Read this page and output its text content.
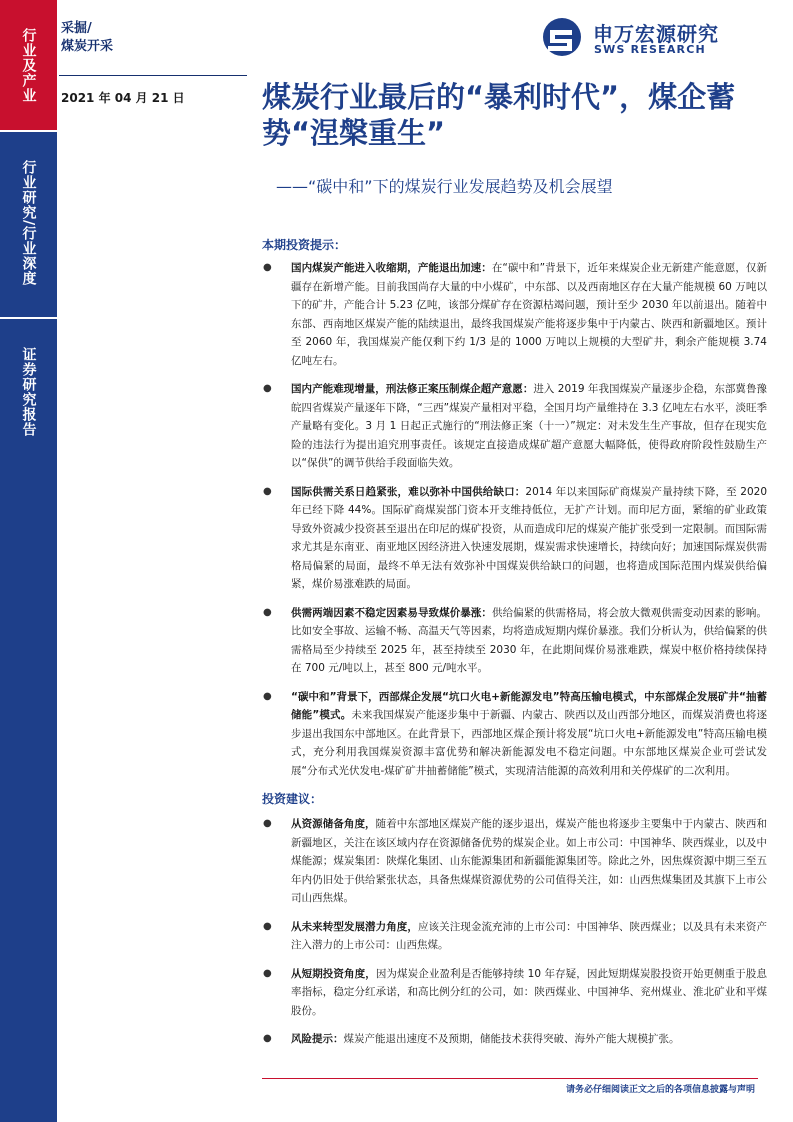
行业及产业
行业研究/行业深度
证券研究报告
采掘/
煤炭开采
2021 年 04 月 21 日
申万宏源研究
SWS RESEARCH
煤炭行业最后的“暴利时代”，煤企蓄势“涅槃重生”
——“碳中和”下的煤炭行业发展趋势及机会展望
本期投资提示：
● 国内煤炭产能进入收缩期，产能退出加速：在“碳中和”背景下，近年来煤炭企业无新建产能意愿，仅新疆存在新增产能。目前我国尚存大量的中小煤矿，中东部、以及西南地区存在大量产能规模 60 万吨以下的矿井，产能合计 5.23 亿吨，该部分煤矿存在资源枯竭问题，预计至少 2030 年以前退出。随着中东部、西南地区煤炭产能的陆续退出，最终我国煤炭产能将逐步集中于内蒙古、陕西和新疆地区。预计至 2060 年，我国煤炭产能仅剩下约 1/3 是的 1000 万吨以上规模的大型矿井，剩余产能规模 3.74 亿吨左右。
● 国内产能难现增量，刑法修正案压制煤企超产意愿：进入 2019 年我国煤炭产量逐步企稳，东部冀鲁豫皖四省煤炭产量逐年下降，“三西”煤炭产量相对平稳，全国月均产量维持在 3.3 亿吨左右水平，淡旺季产量略有变化。3 月 1 日起正式施行的“刑法修正案（十一）”规定：对未发生生产事故，但存在现实危险的违法行为提出追究刑事责任。该规定直接造成煤矿超产意愿大幅降低，使得政府阶段性鼓励生产以“保供”的调节供给手段面临失效。
● 国际供需关系日趋紧张，难以弥补中国供给缺口：2014 年以来国际矿商煤炭产量持续下降，至 2020 年已经下降 44%。国际矿商煤炭部门资本开支维持低位，无扩产计划。而印尼方面，紧缩的矿业政策导致外资减少投资甚至退出在印尼的煤矿投资，从而造成印尼的煤炭产能扩张受到一定限制。而国际需求尤其是东南亚、南亚地区因经济进入快速发展期，煤炭需求快速增长，持续向好；加速国际煤炭供需格局偏紧的局面，最终不单无法有效弥补中国煤炭供给缺口的问题，也将造成国际范围内煤炭供给偏紧，煤价易涨难跌的局面。
● 供需两端因素不稳定因素易导致煤价暴涨：供给偏紧的供需格局，将会放大微观供需变动因素的影响。比如安全事故、运输不畅、高温天气等因素，均将造成短期内煤价暴涨。我们分析认为，供给偏紧的供需格局至少持续至 2025 年，甚至持续至 2030 年，在此期间煤价易涨难跌，煤炭中枢价格持续保持在 700 元/吨以上，甚至 800 元/吨水平。
● “碳中和”背景下，西部煤企发展“坑口火电+新能源发电”特高压输电模式，中东部煤企发展矿井“抽蓄储能”模式。未来我国煤炭产能逐步集中于新疆、内蒙古、陕西以及山西部分地区，而煤炭消费也将逐步退出我国东中部地区。在此背景下，西部地区煤企预计将发展“坑口火电+新能源发电”特高压输电模式，充分利用我国煤炭资源丰富优势和解决新能源发电不稳定问题。中东部地区煤炭企业可尝试发展“分布式光伏发电-煤矿矿井抽蓄储能”模式，实现清洁能源的高效利用和关停煤矿的二次利用。
投资建议：
● 从资源储备角度，随着中东部地区煤炭产能的逐步退出，煤炭产能也将逐步主要集中于内蒙古、陕西和新疆地区，关注在该区域内存在资源储备优势的煤炭企业。如上市公司：中国神华、陕西煤业，以及中煤能源；煤炭集团：陕煤化集团、山东能源集团和新疆能源集团等。除此之外，因焦煤资源中期三至五年内仍旧处于供给紧张状态，具备焦煤煤资源优势的公司值得关注，如：山西焦煤集团及其旗下上市公司山西焦煤。
● 从未来转型发展潜力角度，应该关注现金流充沛的上市公司：中国神华、陕西煤业；以及具有未来资产注入潜力的上市公司：山西焦煤。
● 从短期投资角度，因为煤炭企业盈利是否能够持续 10 年存疑，因此短期煤炭股投资开始更侧重于股息率指标，稳定分红承诺，和高比例分红的公司，如：陕西煤业、中国神华、兖州煤业、淮北矿业和平煤股份。
● 风险提示：煤炭产能退出速度不及预期，储能技术获得突破、海外产能大规模扩张。
请务必仔细阅读正文之后的各项信息披露与声明
